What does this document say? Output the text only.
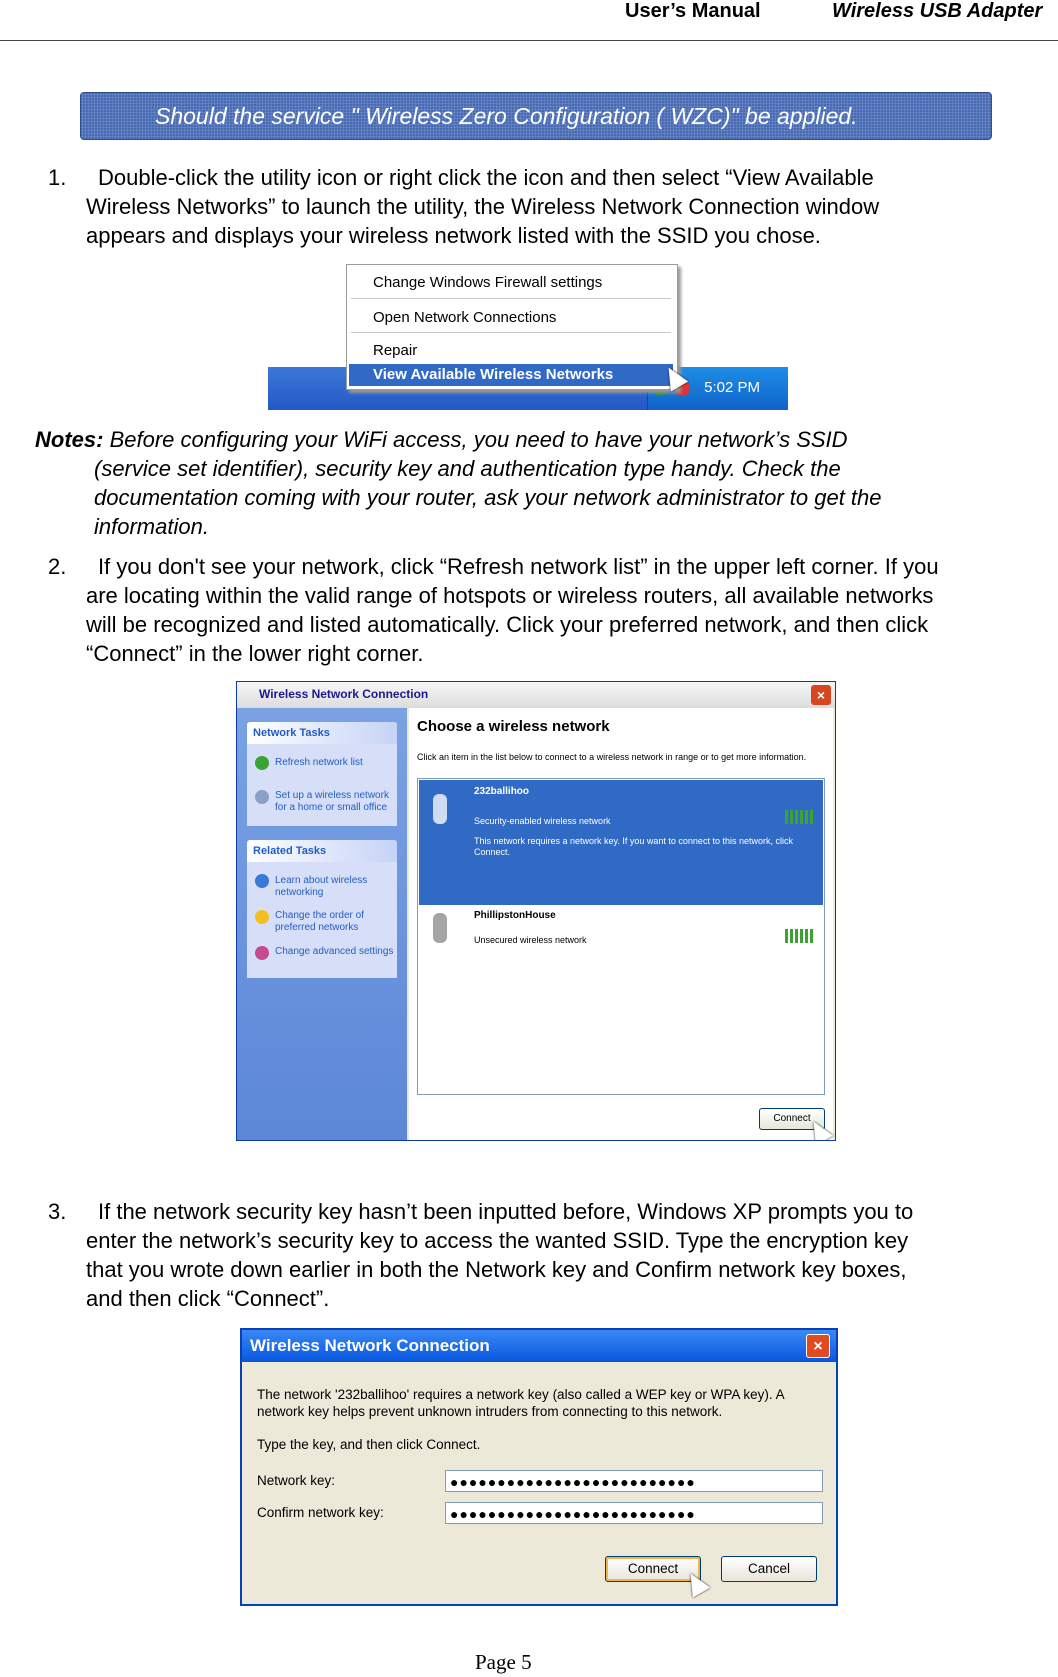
User’s Manual	Wireless USB Adapter
Should the service " Wireless Zero Configuration ( WZC)" be applied.
1. Double-click the utility icon or right click the icon and then select “View Available
Wireless Networks” to launch the utility, the Wireless Network Connection window
appears and displays your wireless network listed with the SSID you chose.
5:02 PM
Change Windows Firewall settings
Open Network Connections
Repair
View Available Wireless Networks
Notes: Before configuring your WiFi access, you need to have your network’s SSID
(service set identifier), security key and authentication type handy. Check the
documentation coming with your router, ask your network administrator to get the
information.
2. If you don't see your network, click “Refresh network list” in the upper left corner. If you
are locating within the valid range of hotspots or wireless routers, all available networks
will be recognized and listed automatically. Click your preferred network, and then click
“Connect” in the lower right corner.
Wireless Network Connection	×
Network Tasks
Refresh network list
Set up a wireless network for a home or small office
Related Tasks
Learn about wireless networking
Change the order of preferred networks
Change advanced settings
Choose a wireless network
Click an item in the list below to connect to a wireless network in range or to get more information.
232ballihoo
Security-enabled wireless network
This network requires a network key. If you want to connect to this network, click Connect.
PhillipstonHouse
Unsecured wireless network
Connect
3. If the network security key hasn’t been inputted before, Windows XP prompts you to
enter the network’s security key to access the wanted SSID. Type the encryption key
that you wrote down earlier in both the Network key and Confirm network key boxes,
and then click “Connect”.
Wireless Network Connection	×
The network '232ballihoo' requires a network key (also called a WEP key or WPA key). A
network key helps prevent unknown intruders from connecting to this network.
Type the key, and then click Connect.
Network key:	●●●●●●●●●●●●●●●●●●●●●●●●●●
Confirm network key:	●●●●●●●●●●●●●●●●●●●●●●●●●●
Connect	Cancel
Page 5
